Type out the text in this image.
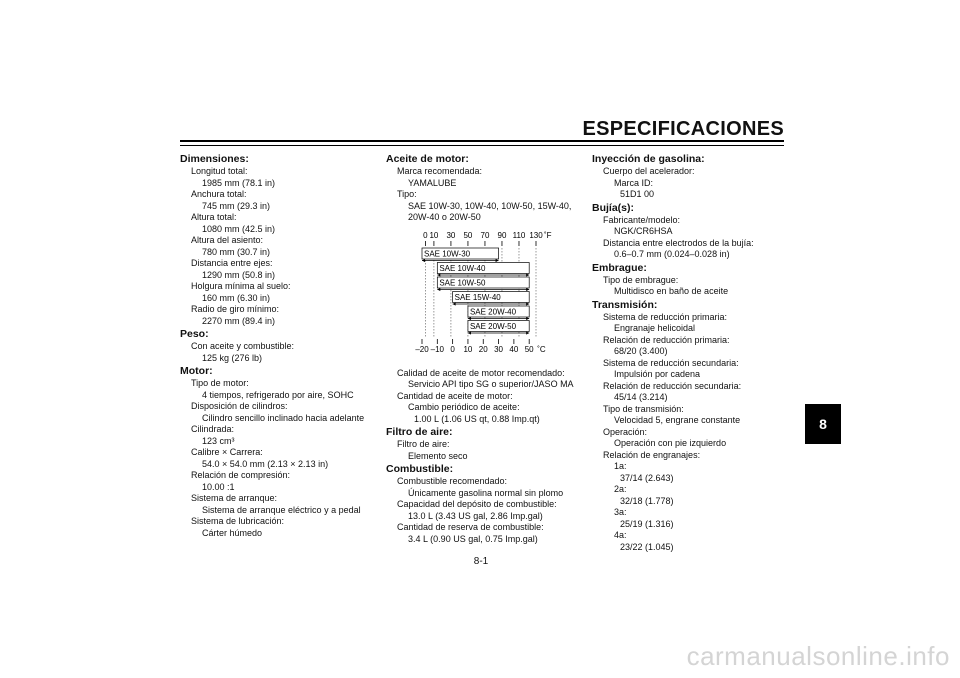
ESPECIFICACIONES
8
Dimensiones:
Longitud total:
1985 mm (78.1 in)
Anchura total:
745 mm (29.3 in)
Altura total:
1080 mm (42.5 in)
Altura del asiento:
780 mm (30.7 in)
Distancia entre ejes:
1290 mm (50.8 in)
Holgura mínima al suelo:
160 mm (6.30 in)
Radio de giro mínimo:
2270 mm (89.4 in)
Peso:
Con aceite y combustible:
125 kg (276 lb)
Motor:
Tipo de motor:
4 tiempos, refrigerado por aire, SOHC
Disposición de cilindros:
Cilindro sencillo inclinado hacia adelante
Cilindrada:
123 cm³
Calibre × Carrera:
54.0 × 54.0 mm (2.13 × 2.13 in)
Relación de compresión:
10.00 :1
Sistema de arranque:
Sistema de arranque eléctrico y a pedal
Sistema de lubricación:
Cárter húmedo
Aceite de motor:
Marca recomendada:
YAMALUBE
Tipo:
SAE 10W-30, 10W-40, 10W-50, 15W-40,
20W-40 o 20W-50
0 10 30 50 70 90 110 130 ˚F
–20 –10 0 10 20 30 40 50 ˚C
SAE 10W-30
SAE 10W-40
SAE 10W-50
SAE 15W-40
SAE 20W-40
SAE 20W-50
Calidad de aceite de motor recomendado:
Servicio API tipo SG o superior/JASO MA
Cantidad de aceite de motor:
Cambio periódico de aceite:
1.00 L (1.06 US qt, 0.88 Imp.qt)
Filtro de aire:
Filtro de aire:
Elemento seco
Combustible:
Combustible recomendado:
Únicamente gasolina normal sin plomo
Capacidad del depósito de combustible:
13.0 L (3.43 US gal, 2.86 Imp.gal)
Cantidad de reserva de combustible:
3.4 L (0.90 US gal, 0.75 Imp.gal)
Inyección de gasolina:
Cuerpo del acelerador:
Marca ID:
51D1 00
Bujía(s):
Fabricante/modelo:
NGK/CR6HSA
Distancia entre electrodos de la bujía:
0.6–0.7 mm (0.024–0.028 in)
Embrague:
Tipo de embrague:
Multidisco en baño de aceite
Transmisión:
Sistema de reducción primaria:
Engranaje helicoidal
Relación de reducción primaria:
68/20 (3.400)
Sistema de reducción secundaria:
Impulsión por cadena
Relación de reducción secundaria:
45/14 (3.214)
Tipo de transmisión:
Velocidad 5, engrane constante
Operación:
Operación con pie izquierdo
Relación de engranajes:
1a:
37/14 (2.643)
2a:
32/18 (1.778)
3a:
25/19 (1.316)
4a:
23/22 (1.045)
8-1
carmanualsonline.info
